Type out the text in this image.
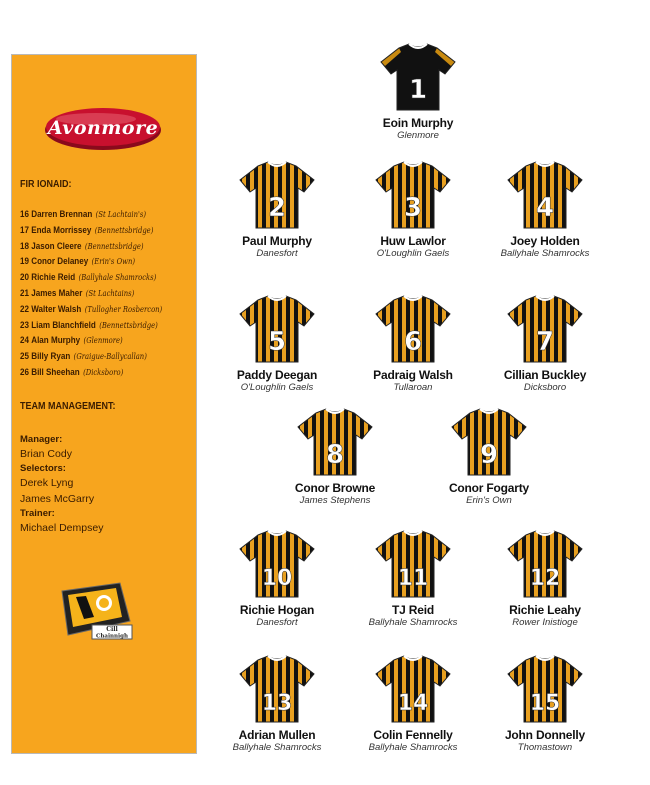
Avonmore
FIR IONAID:
16 Darren Brennan (St Lachtain's)
17 Enda Morrissey (Bennettsbridge)
18 Jason Cleere (Bennettsbridge)
19 Conor Delaney (Erin's Own)
20 Richie Reid (Ballyhale Shamrocks)
21 James Maher (St Lachtains)
22 Walter Walsh (Tullogher Rosbercon)
23 Liam Blanchfield (Bennettsbridge)
24 Alan Murphy (Glenmore)
25 Billy Ryan (Graigue-Ballycallan)
26 Bill Sheehan (Dicksboro)
TEAM MANAGEMENT:
Manager:
Brian Cody
Selectors:
Derek Lyng
James McGarry
Trainer:
Michael Dempsey
Cill
Chainnigh
1
Eoin Murphy
Glenmore
2
Paul Murphy
Danesfort
3
Huw Lawlor
O'Loughlin Gaels
4
Joey Holden
Ballyhale Shamrocks
5
Paddy Deegan
O'Loughlin Gaels
6
Padraig Walsh
Tullaroan
7
Cillian Buckley
Dicksboro
8
Conor Browne
James Stephens
9
Conor Fogarty
Erin's Own
10
Richie Hogan
Danesfort
11
TJ Reid
Ballyhale Shamrocks
12
Richie Leahy
Rower Inistioge
13
Adrian Mullen
Ballyhale Shamrocks
14
Colin Fennelly
Ballyhale Shamrocks
15
John Donnelly
Thomastown
